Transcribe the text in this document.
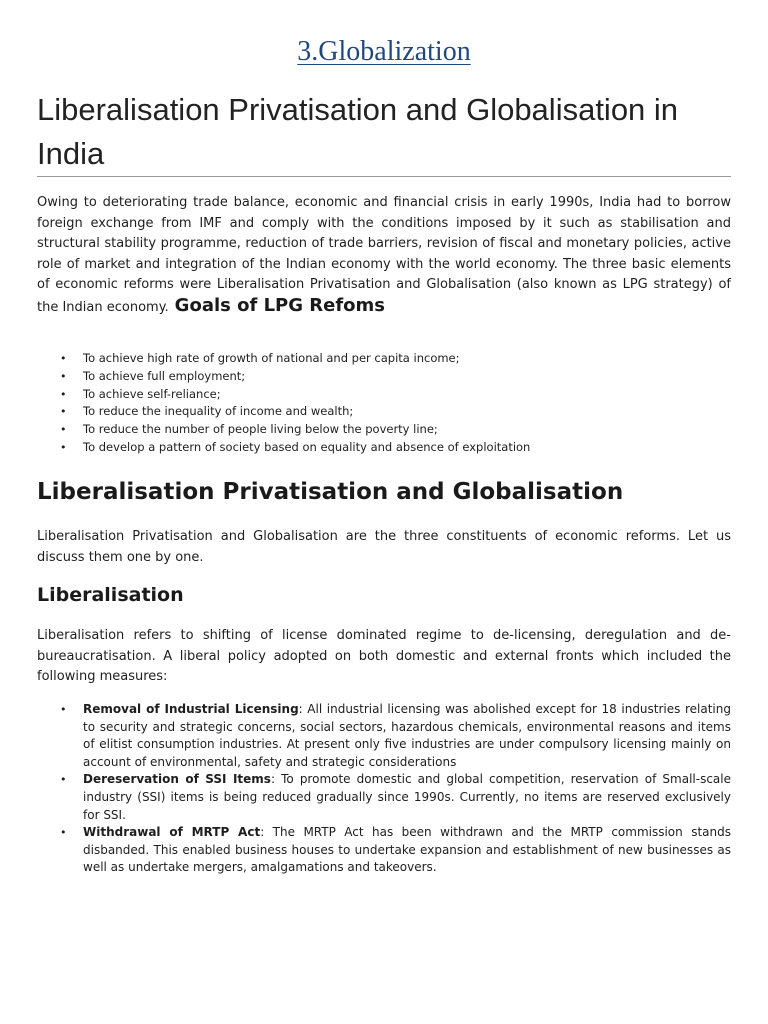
3.Globalization
Liberalisation Privatisation and Globalisation in India

Owing to deteriorating trade balance, economic and financial crisis in early 1990s, India had to borrow foreign exchange from IMF and comply with the conditions imposed by it such as stabilisation and structural stability programme, reduction of trade barriers, revision of fiscal and monetary policies, active role of market and integration of the Indian economy with the world economy. The three basic elements of economic reforms were Liberalisation Privatisation and Globalisation (also known as LPG strategy) of the Indian economy. Goals of LPG Refoms

• To achieve high rate of growth of national and per capita income;
• To achieve full employment;
• To achieve self-reliance;
• To reduce the inequality of income and wealth;
• To reduce the number of people living below the poverty line;
• To develop a pattern of society based on equality and absence of exploitation
Liberalisation Privatisation and Globalisation

Liberalisation Privatisation and Globalisation are the three constituents of economic reforms. Let us discuss them one by one.

Liberalisation

Liberalisation refers to shifting of license dominated regime to de-licensing, deregulation and de-bureaucratisation. A liberal policy adopted on both domestic and external fronts which included the following measures:

• Removal of Industrial Licensing: All industrial licensing was abolished except for 18 industries relating to security and strategic concerns, social sectors, hazardous chemicals, environmental reasons and items of elitist consumption industries. At present only five industries are under compulsory licensing mainly on account of environmental, safety and strategic considerations
• Dereservation of SSI Items: To promote domestic and global competition, reservation of Small-scale industry (SSI) items is being reduced gradually since 1990s. Currently, no items are reserved exclusively for SSI.
• Withdrawal of MRTP Act: The MRTP Act has been withdrawn and the MRTP commission stands disbanded. This enabled business houses to undertake expansion and establishment of new businesses as well as undertake mergers, amalgamations and takeovers.
